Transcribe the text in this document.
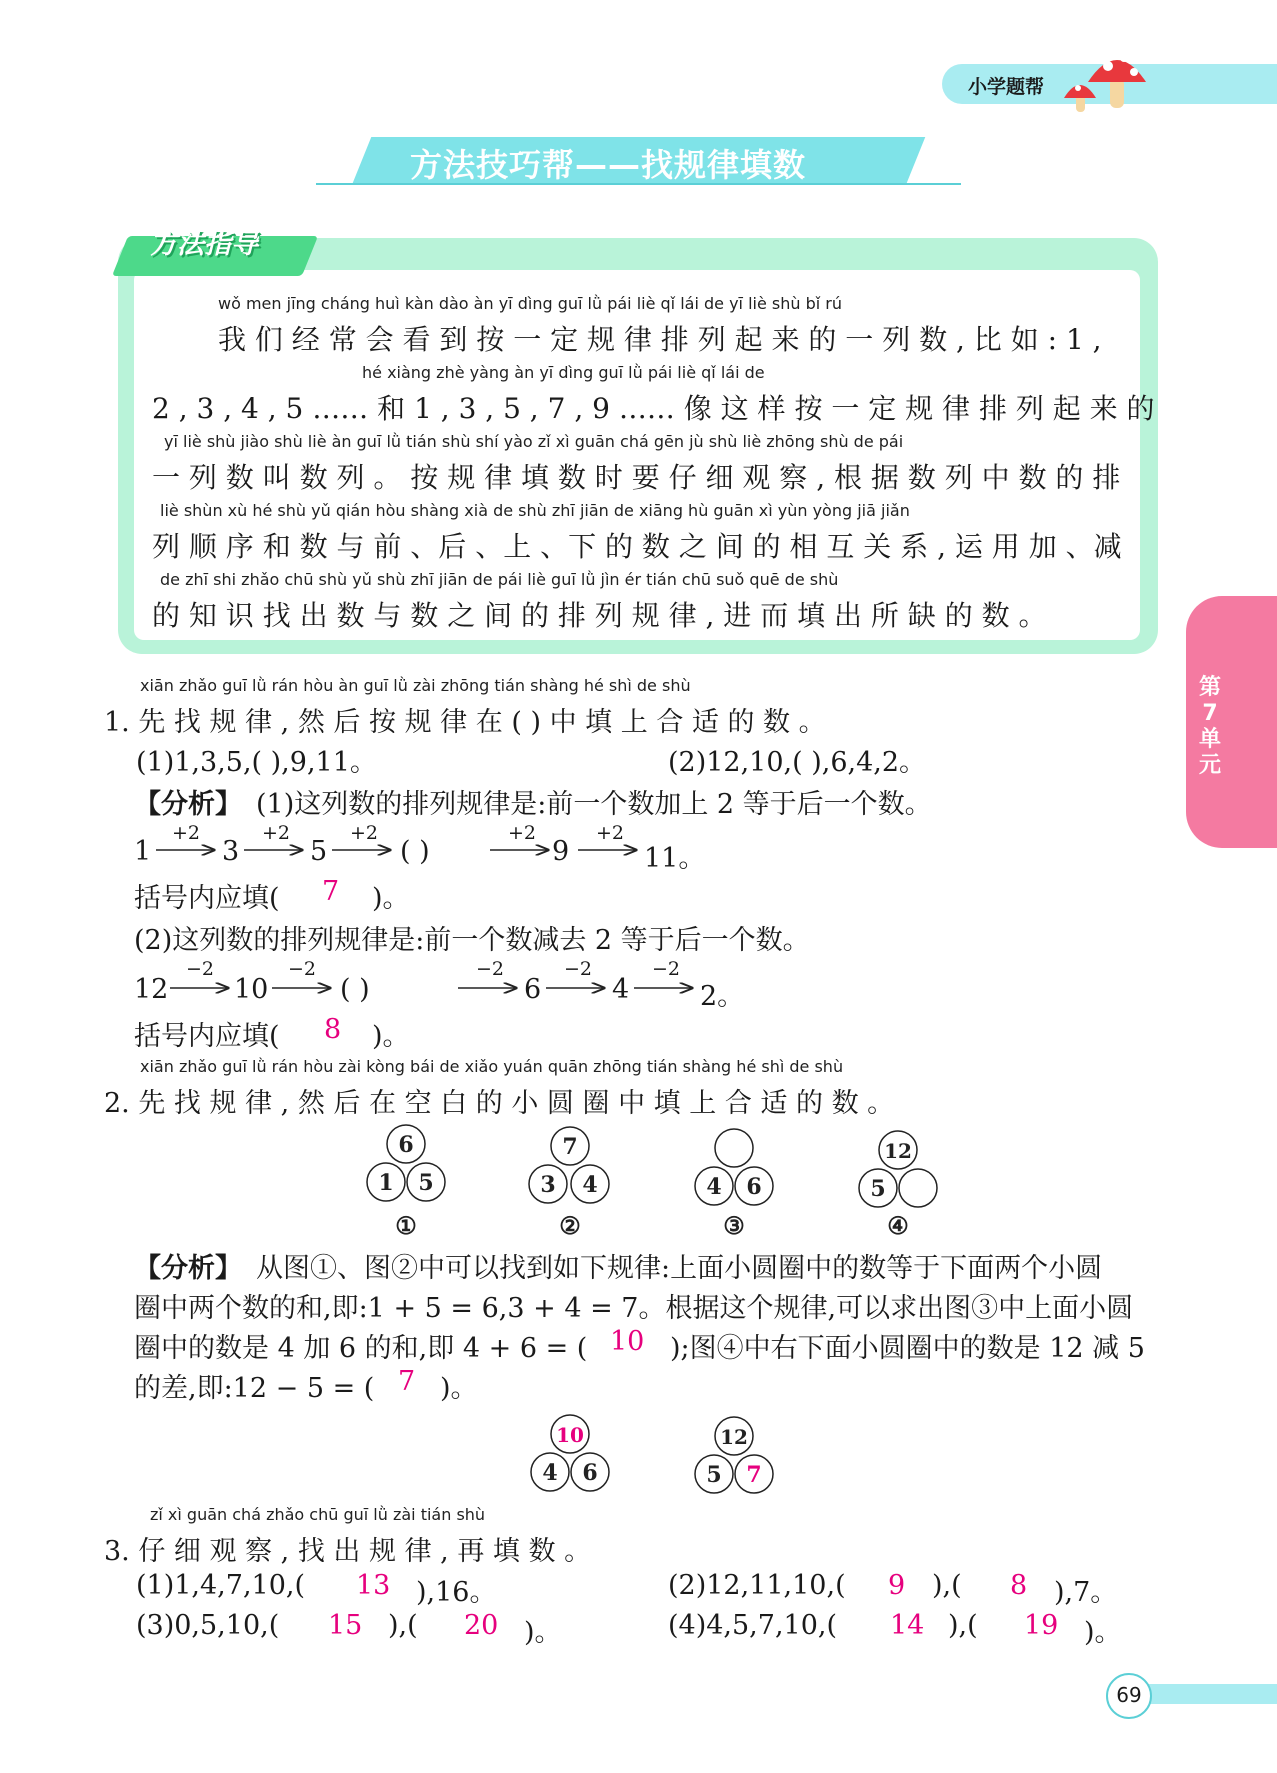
小学题帮
方法技巧帮——找规律填数
方法指导
wǒ men jīng cháng huì kàn dào àn yī dìng guī lǜ pái liè qǐ lái de yī liè shù bǐ rú
我 们 经 常 会 看 到 按 一 定 规 律 排 列 起 来 的 一 列 数 , 比 如 : 1 ,
hé xiàng zhè yàng àn yī dìng guī lǜ pái liè qǐ lái de
2 , 3 , 4 , 5 …… 和 1 , 3 , 5 , 7 , 9 …… 像 这 样 按 一 定 规 律 排 列 起 来 的
yī liè shù jiào shù liè àn guī lǜ tián shù shí yào zǐ xì guān chá gēn jù shù liè zhōng shù de pái
一 列 数 叫 数 列 。 按 规 律 填 数 时 要 仔 细 观 察 , 根 据 数 列 中 数 的 排
liè shùn xù hé shù yǔ qián hòu shàng xià de shù zhī jiān de xiāng hù guān xì yùn yòng jiā jiǎn
列 顺 序 和 数 与 前 、后 、上 、下 的 数 之 间 的 相 互 关 系 , 运 用 加 、减
de zhī shi zhǎo chū shù yǔ shù zhī jiān de pái liè guī lǜ jìn ér tián chū suǒ quē de shù
的 知 识 找 出 数 与 数 之 间 的 排 列 规 律 , 进 而 填 出 所 缺 的 数 。
第7单元
xiān zhǎo guī lǜ rán hòu àn guī lǜ zài zhōng tián shàng hé shì de shù
1. 先 找 规 律 , 然 后 按 规 律 在 ( ) 中 填 上 合 适 的 数 。
(1)1,3,5,( ),9,11。	(2)12,10,( ),6,4,2。
【分析】 (1)这列数的排列规律是:前一个数加上 2 等于后一个数。
1	3	5	( )	9	11。
+2	+2	+2	+2	+2
括号内应填( 7 )。
(2)这列数的排列规律是:前一个数减去 2 等于后一个数。
12 10	( )	6	4	2。
−2	−2	−2	−2	−2
括号内应填( 8 )。
xiān zhǎo guī lǜ rán hòu zài kòng bái de xiǎo yuán quān zhōng tián shàng hé shì de shù
2. 先 找 规 律 , 然 后 在 空 白 的 小 圆 圈 中 填 上 合 适 的 数 。
6
1 5
①
7
3 4
②
4 6
③
12
5
④
【分析】 从图①、图②中可以找到如下规律:上面小圆圈中的数等于下面两个小圆
圈中两个数的和,即:1 + 5 = 6,3 + 4 = 7。根据这个规律,可以求出图③中上面小圆
圈中的数是 4 加 6 的和,即 4 + 6 = ( 10 );图④中右下面小圆圈中的数是 12 减 5
的差,即:12 − 5 = ( 7 )。
10
4 6
12
5 7
zǐ xì guān chá zhǎo chū guī lǜ zài tián shù
3. 仔 细 观 察 , 找 出 规 律 , 再 填 数 。
(1)1,4,7,10,( 13 ),16。	(2)12,11,10,( 9 ),( 8 ),7。
(3)0,5,10,( 15 ),( 20 )。	(4)4,5,7,10,( 14 ),( 19 )。
69
